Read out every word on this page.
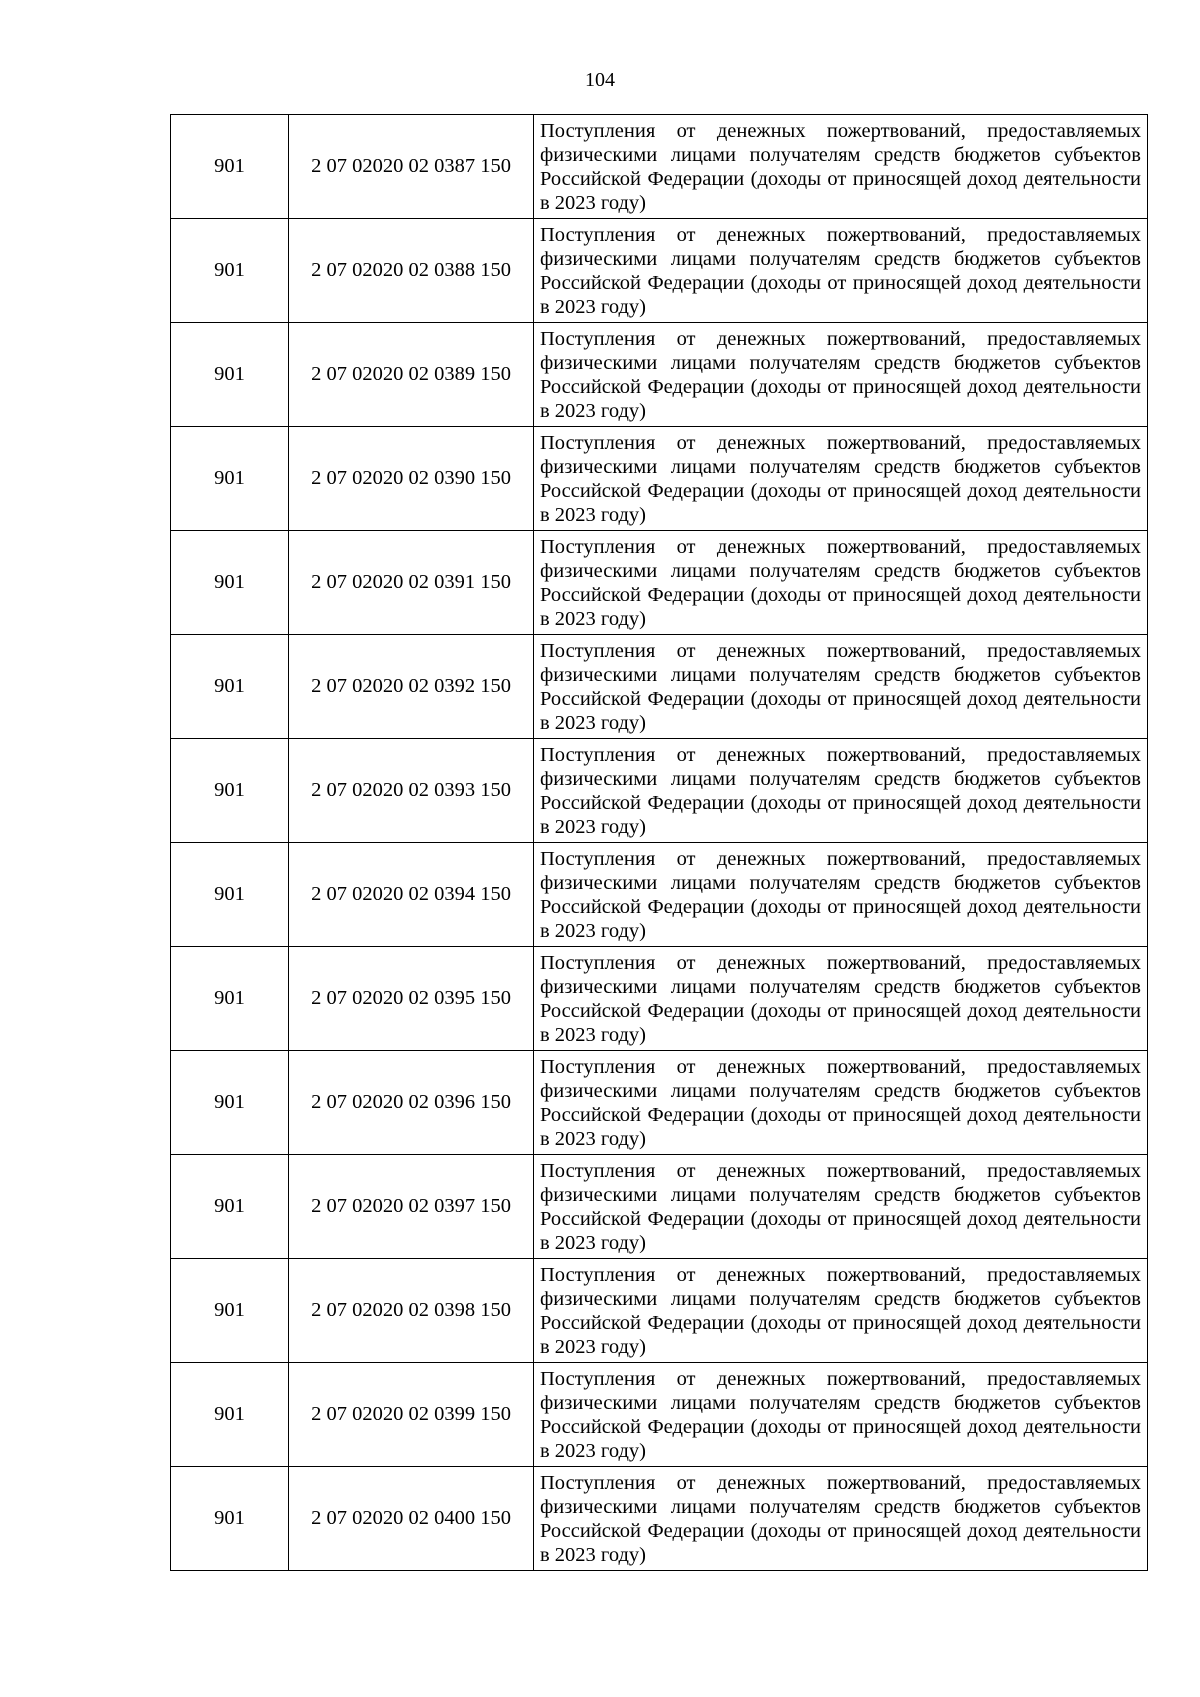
104
901	2 07 02020 02 0387 150	Поступления от денежных пожертвований, предоставляемых физическими лицами получателям средств бюджетов субъектов Российской Федерации (доходы от приносящей доход деятельности в 2023 году)

901	2 07 02020 02 0388 150	Поступления от денежных пожертвований, предоставляемых физическими лицами получателям средств бюджетов субъектов Российской Федерации (доходы от приносящей доход деятельности в 2023 году)

901	2 07 02020 02 0389 150	Поступления от денежных пожертвований, предоставляемых физическими лицами получателям средств бюджетов субъектов Российской Федерации (доходы от приносящей доход деятельности в 2023 году)

901	2 07 02020 02 0390 150	Поступления от денежных пожертвований, предоставляемых физическими лицами получателям средств бюджетов субъектов Российской Федерации (доходы от приносящей доход деятельности в 2023 году)

901	2 07 02020 02 0391 150	Поступления от денежных пожертвований, предоставляемых физическими лицами получателям средств бюджетов субъектов Российской Федерации (доходы от приносящей доход деятельности в 2023 году)

901	2 07 02020 02 0392 150	Поступления от денежных пожертвований, предоставляемых физическими лицами получателям средств бюджетов субъектов Российской Федерации (доходы от приносящей доход деятельности в 2023 году)

901	2 07 02020 02 0393 150	Поступления от денежных пожертвований, предоставляемых физическими лицами получателям средств бюджетов субъектов Российской Федерации (доходы от приносящей доход деятельности в 2023 году)

901	2 07 02020 02 0394 150	Поступления от денежных пожертвований, предоставляемых физическими лицами получателям средств бюджетов субъектов Российской Федерации (доходы от приносящей доход деятельности в 2023 году)

901	2 07 02020 02 0395 150	Поступления от денежных пожертвований, предоставляемых физическими лицами получателям средств бюджетов субъектов Российской Федерации (доходы от приносящей доход деятельности в 2023 году)

901	2 07 02020 02 0396 150	Поступления от денежных пожертвований, предоставляемых физическими лицами получателям средств бюджетов субъектов Российской Федерации (доходы от приносящей доход деятельности в 2023 году)

901	2 07 02020 02 0397 150	Поступления от денежных пожертвований, предоставляемых физическими лицами получателям средств бюджетов субъектов Российской Федерации (доходы от приносящей доход деятельности в 2023 году)

901	2 07 02020 02 0398 150	Поступления от денежных пожертвований, предоставляемых физическими лицами получателям средств бюджетов субъектов Российской Федерации (доходы от приносящей доход деятельности в 2023 году)

901	2 07 02020 02 0399 150	Поступления от денежных пожертвований, предоставляемых физическими лицами получателям средств бюджетов субъектов Российской Федерации (доходы от приносящей доход деятельности в 2023 году)

901	2 07 02020 02 0400 150	Поступления от денежных пожертвований, предоставляемых физическими лицами получателям средств бюджетов субъектов Российской Федерации (доходы от приносящей доход деятельности в 2023 году)
